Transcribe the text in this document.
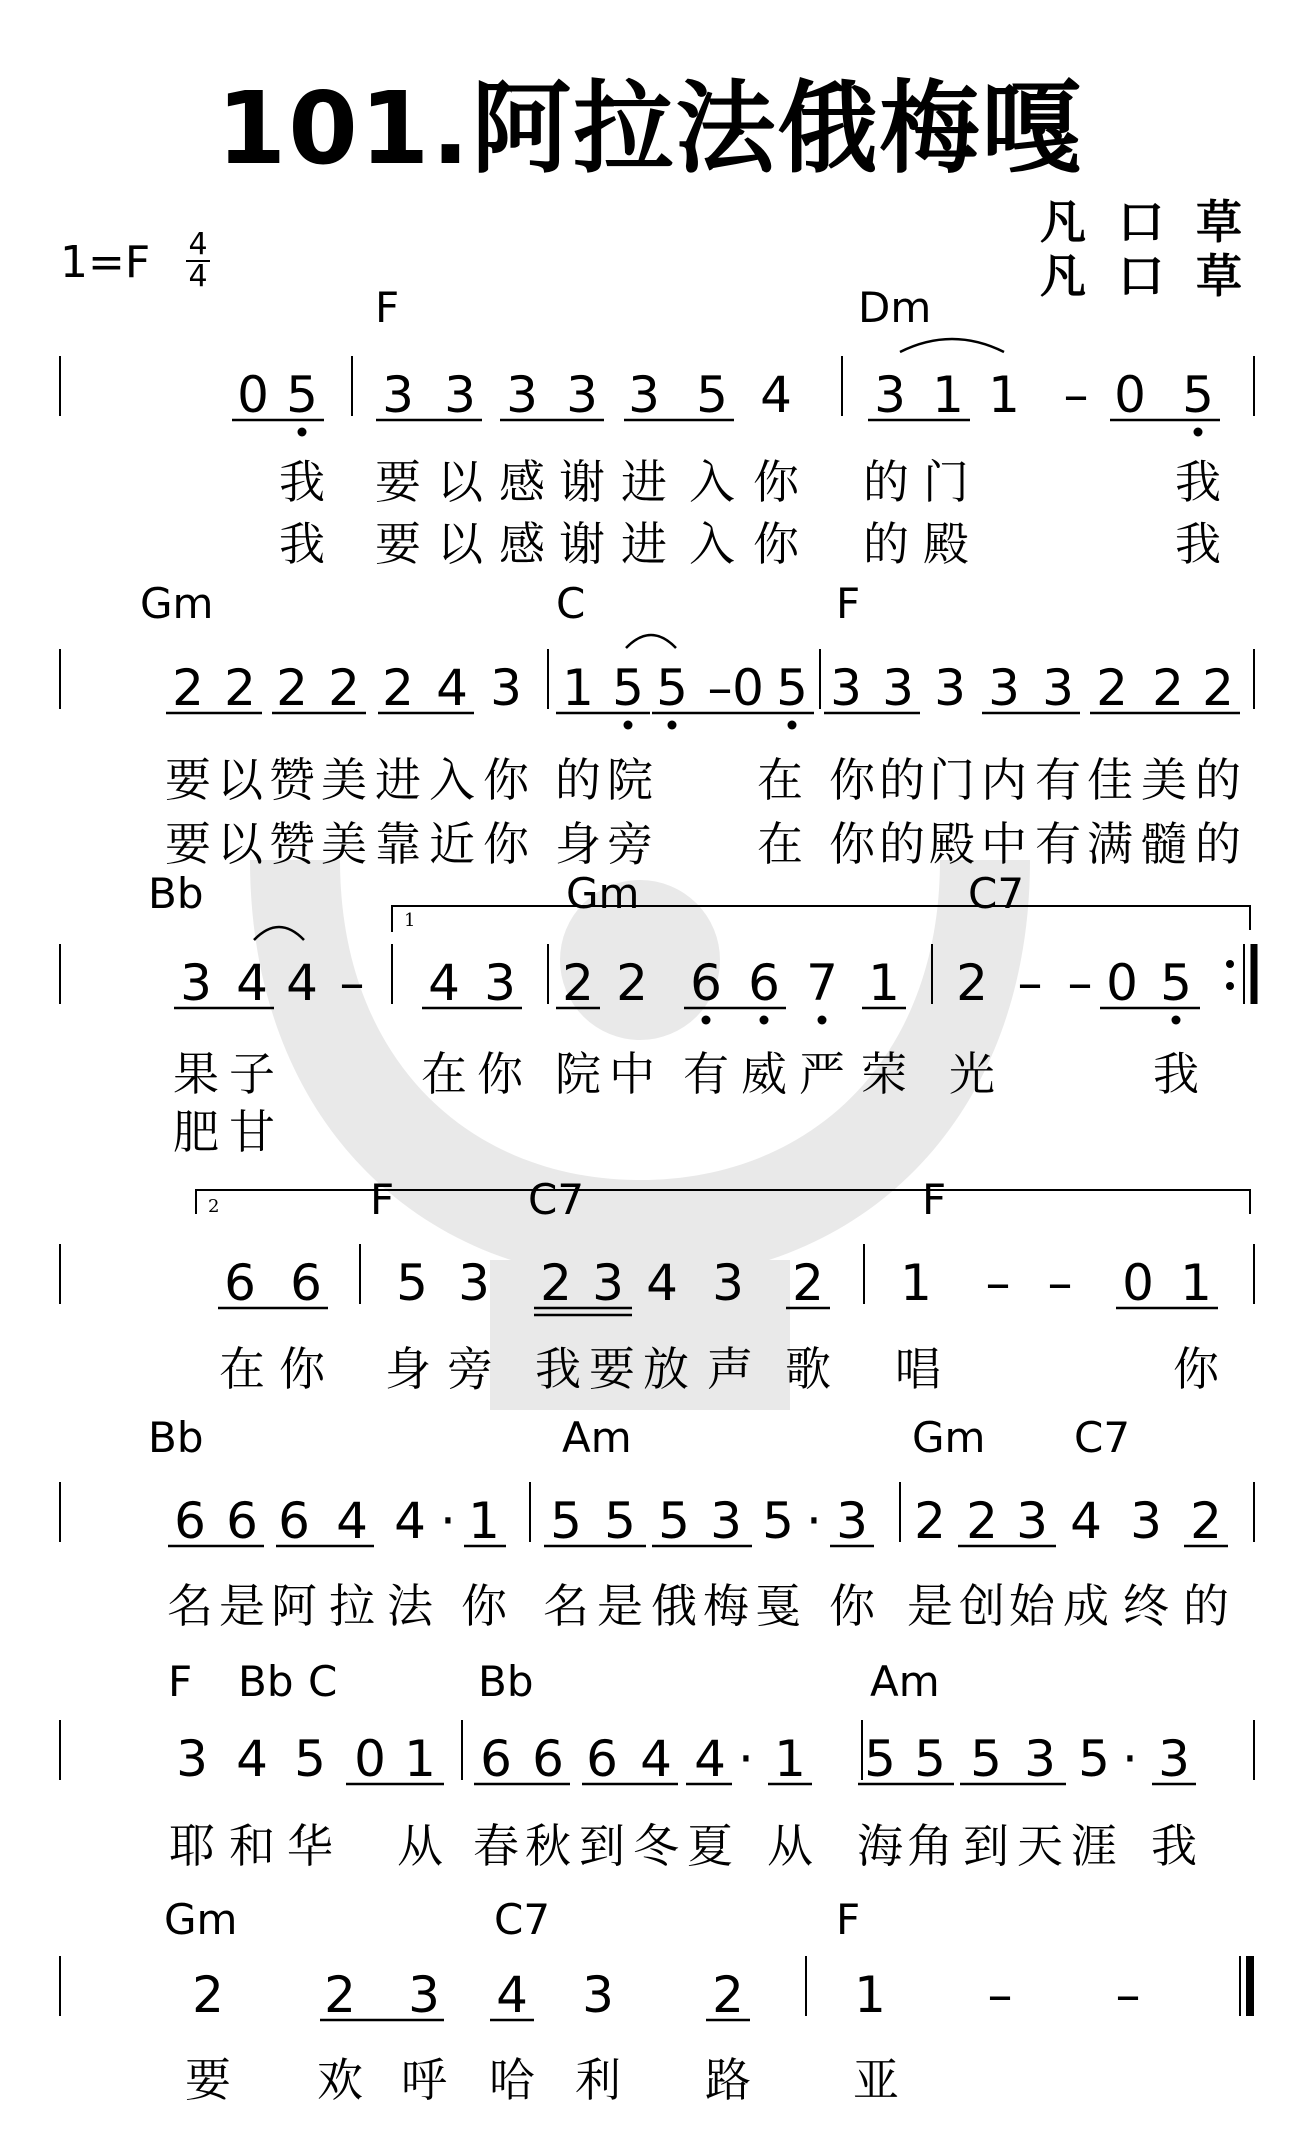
101.阿拉法俄梅嘎
凡 口 草
凡 口 草
1=F 4
4
1
2
F	Dm
Gm	C	F
Bb	Gm	C7
F	C7	F
Bb	Am	Gm C7
F Bb C	Bb	Am
Gm	C7	F
0 5 3 3 3 3 3 5 4 3 1 1 – 0 5
2 2 2 2 2 4 3 1 5 5 – 0 5 3 3 3 3 3 2 2 2
3 4 4 – 4 3 2 2 6 6 7 1 2 – – 0 5
6 6 5 3 2 3 4 3 2 1 – – 0 1
6 6 6 4 4 · 1 5 5 5 3 5 · 3 2 2 3 4 3 2
3 4 5 0 1 6 6 6 4 4 · 1 5 5 5 3 5 · 3
2 2 3 4 3 2 1 – –
我
我
要
要
以
以
感
感
谢
谢
进
进
入
入
你
你
的
的
门
殿
我
我
要
要
以
以
赞
赞
美
美
进
靠
入
近
你
你
的
身
院
旁
在
在
你
你
的
的
门
殿
内
中
有
有
佳
满
美
髓
的
的
果
肥
子
甘
在 你 院 中 有 威 严 荣 光	我
在 你 身 旁 我 要 放 声 歌 唱	你
名 是 阿 拉 法 你 名 是 俄 梅 戛 你 是 创 始 成 终 的
耶 和 华 从 春 秋 到 冬 夏 从 海 角 到 天 涯 我
要 欢 呼 哈 利 路 亚
